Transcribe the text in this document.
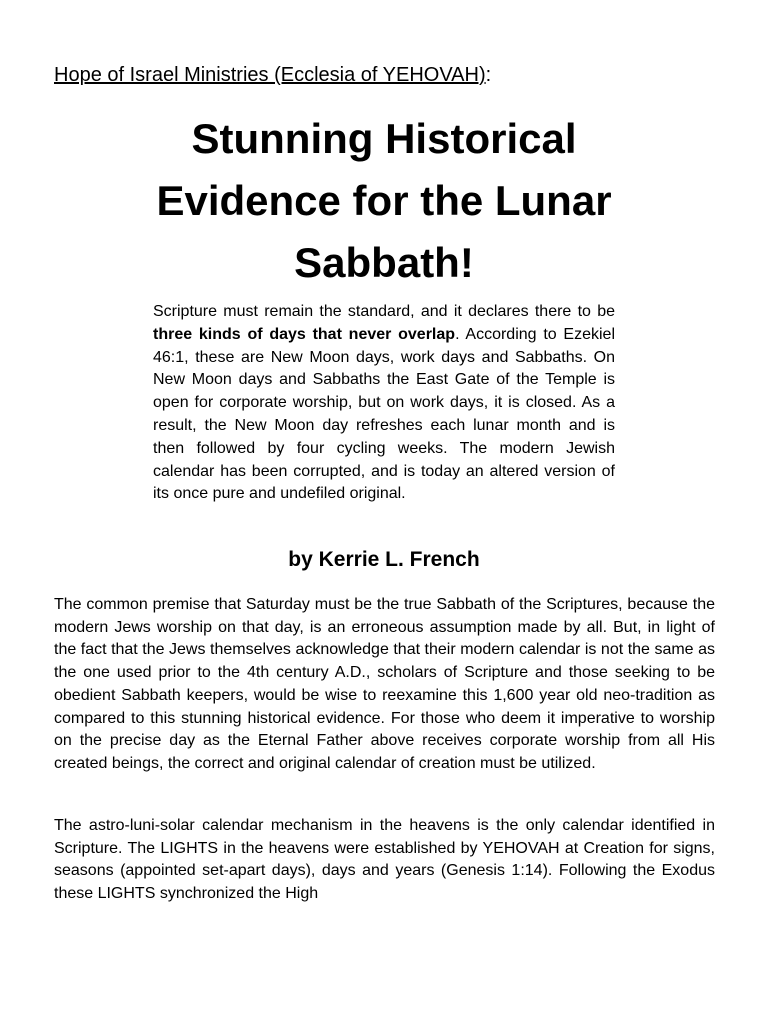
Hope of Israel Ministries (Ecclesia of YEHOVAH):
Stunning Historical
Evidence for the Lunar
Sabbath!

Scripture must remain the standard, and it declares there to be three kinds of days that never overlap. According to Ezekiel 46:1, these are New Moon days, work days and Sabbaths. On New Moon days and Sabbaths the East Gate of the Temple is open for corporate worship, but on work days, it is closed. As a result, the New Moon day refreshes each lunar month and is then followed by four cycling weeks. The modern Jewish calendar has been corrupted, and is today an altered version of its once pure and undefiled original.

by Kerrie L. French

The common premise that Saturday must be the true Sabbath of the Scriptures, because the modern Jews worship on that day, is an erroneous assumption made by all. But, in light of the fact that the Jews themselves acknowledge that their modern calendar is not the same as the one used prior to the 4th century A.D., scholars of Scripture and those seeking to be obedient Sabbath keepers, would be wise to reexamine this 1,600 year old neo-tradition as compared to this stunning historical evidence. For those who deem it imperative to worship on the precise day as the Eternal Father above receives corporate worship from all His created beings, the correct and original calendar of creation must be utilized.

The astro-luni-solar calendar mechanism in the heavens is the only calendar identified in Scripture. The LIGHTS in the heavens were established by YEHOVAH at Creation for signs, seasons (appointed set-apart days), days and years (Genesis 1:14). Following the Exodus these LIGHTS synchronized the High
